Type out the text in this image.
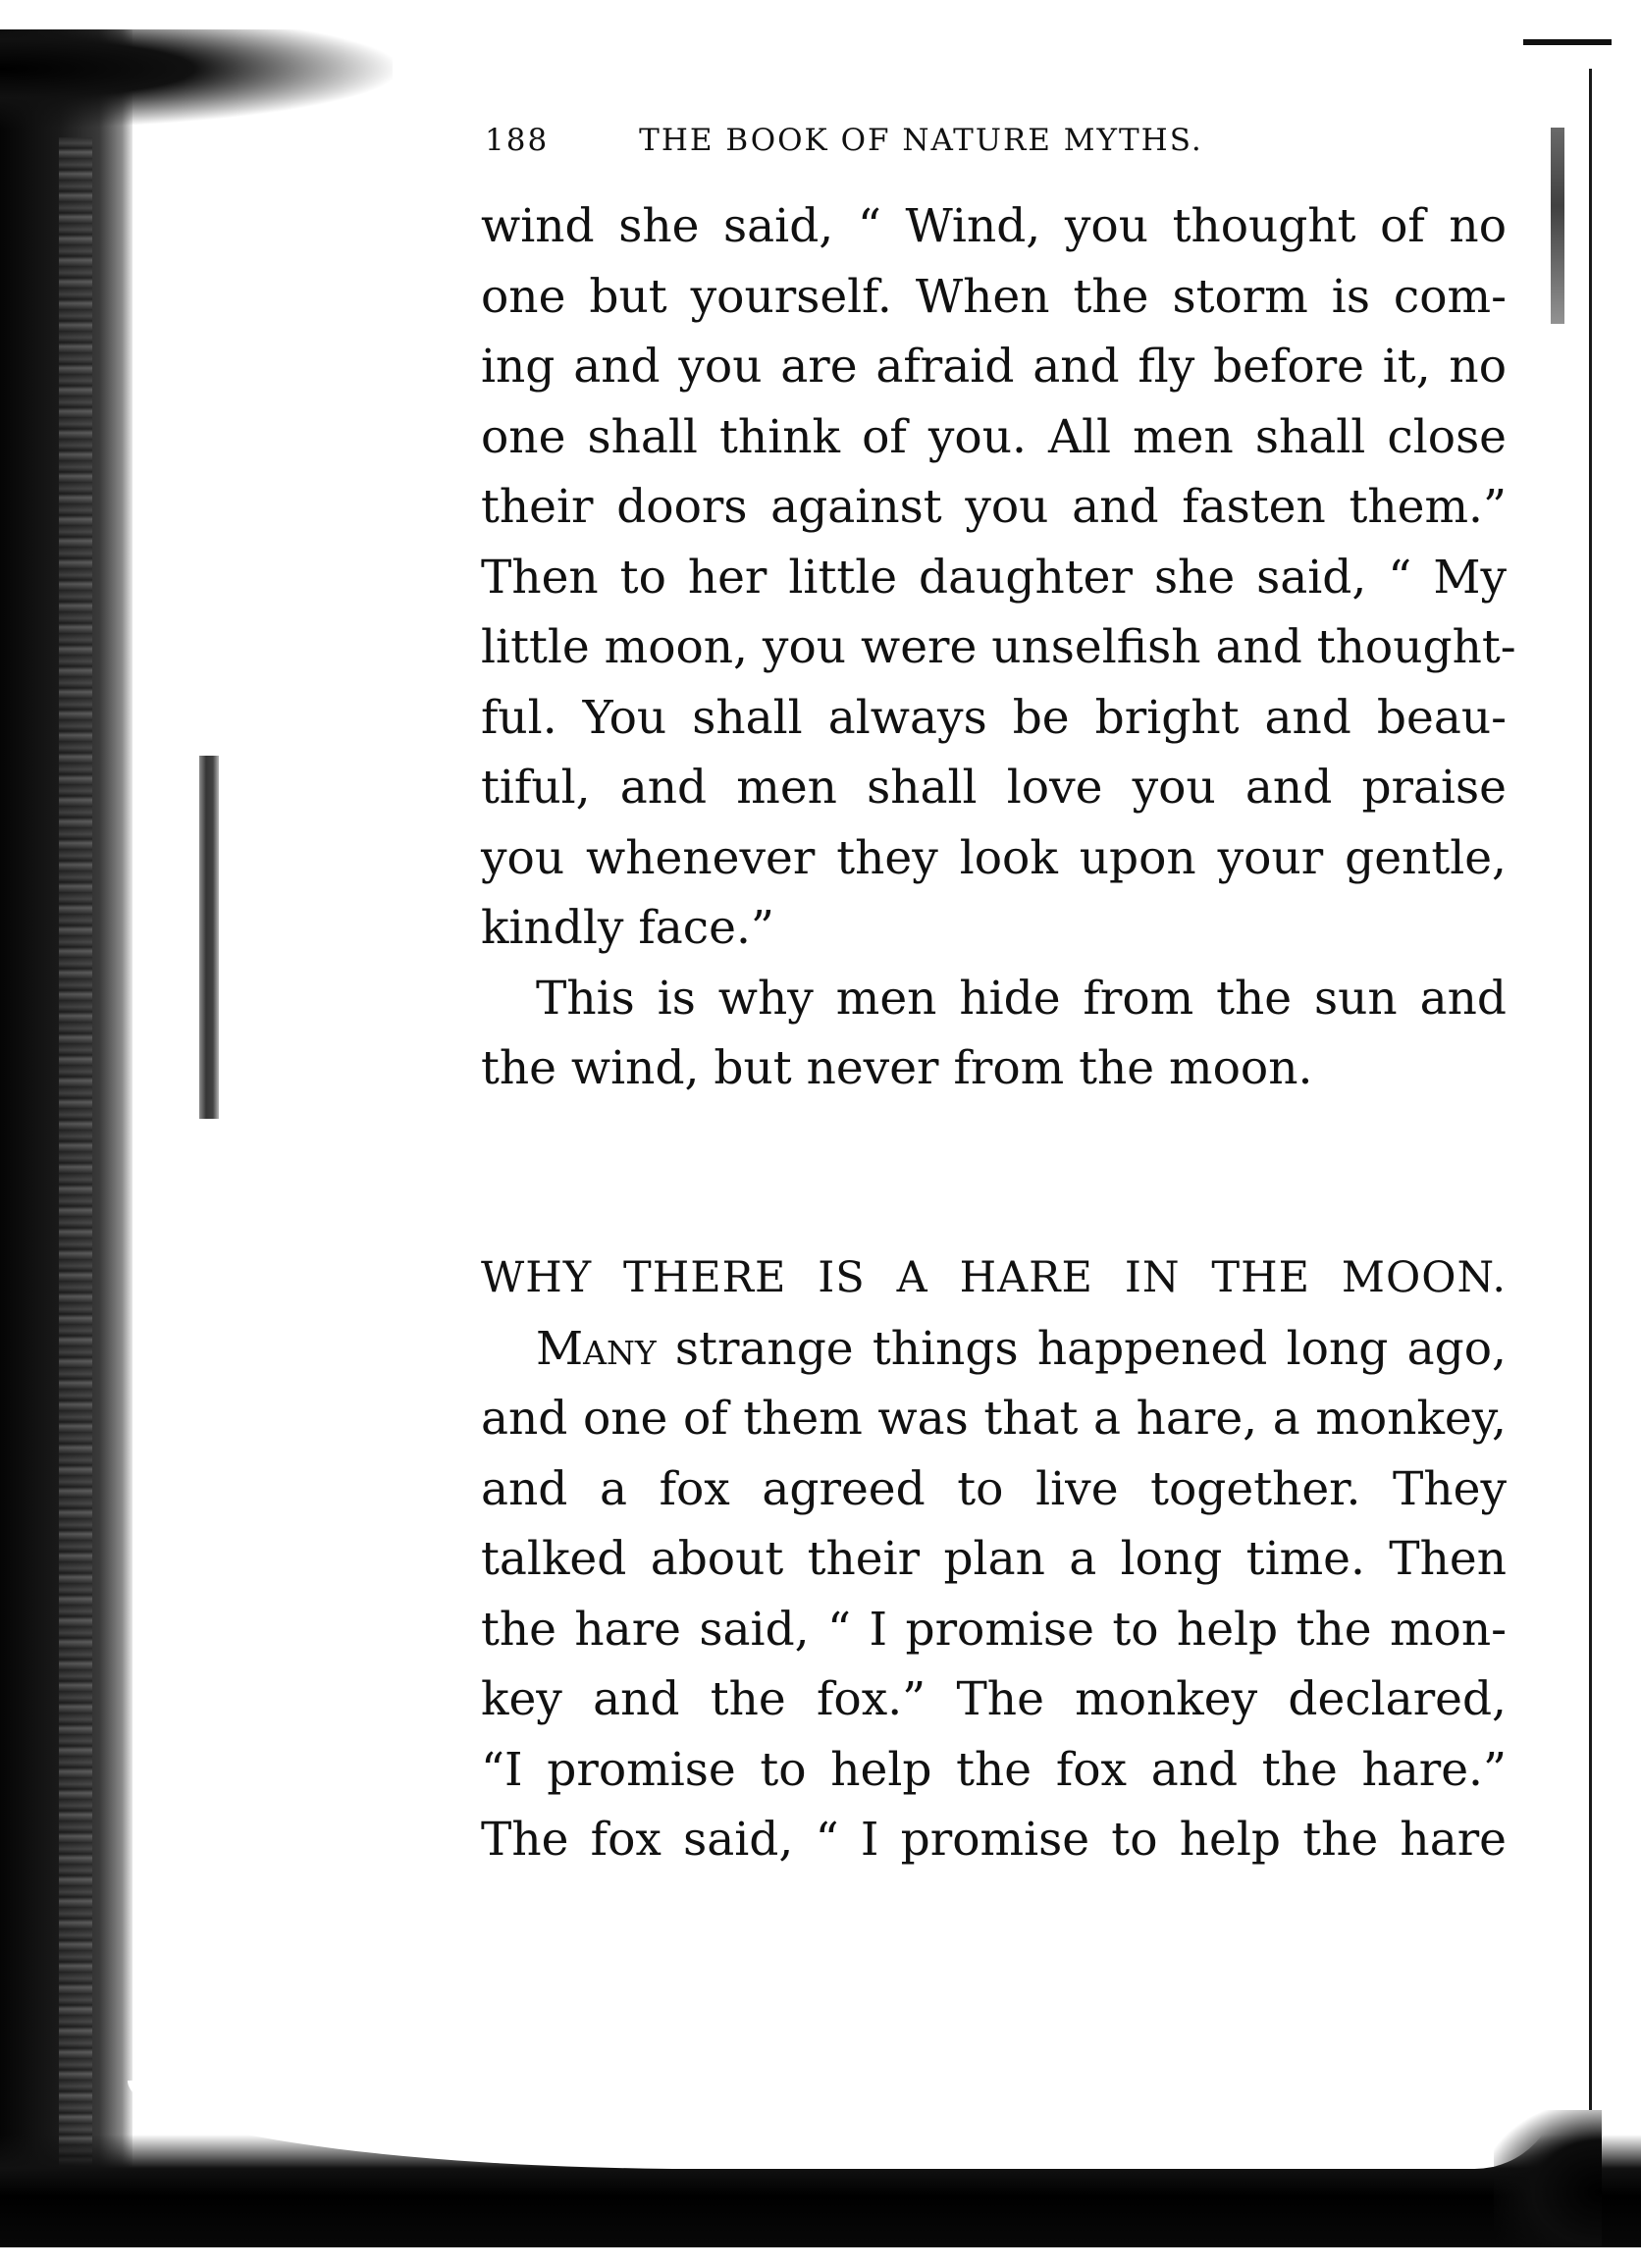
188	THE BOOK OF NATURE MYTHS.
wind she said, “ Wind, you thought of no
one but yourself. When the storm is com-
ing and you are afraid and fly before it, no
one shall think of you. All men shall close
their doors against you and fasten them.”
Then to her little daughter she said, “ My
little moon, you were unselfish and thought-
ful. You shall always be bright and beau-
tiful, and men shall love you and praise
you whenever they look upon your gentle,
kindly face.”
This is why men hide from the sun and
the wind, but never from the moon.
WHY THERE IS A HARE IN THE MOON.
Many strange things happened long ago,
and one of them was that a hare, a monkey,
and a fox agreed to live together. They
talked about their plan a long time. Then
the hare said, “ I promise to help the mon-
key and the fox.” The monkey declared,
“I promise to help the fox and the hare.”
The fox said, “ I promise to help the hare
